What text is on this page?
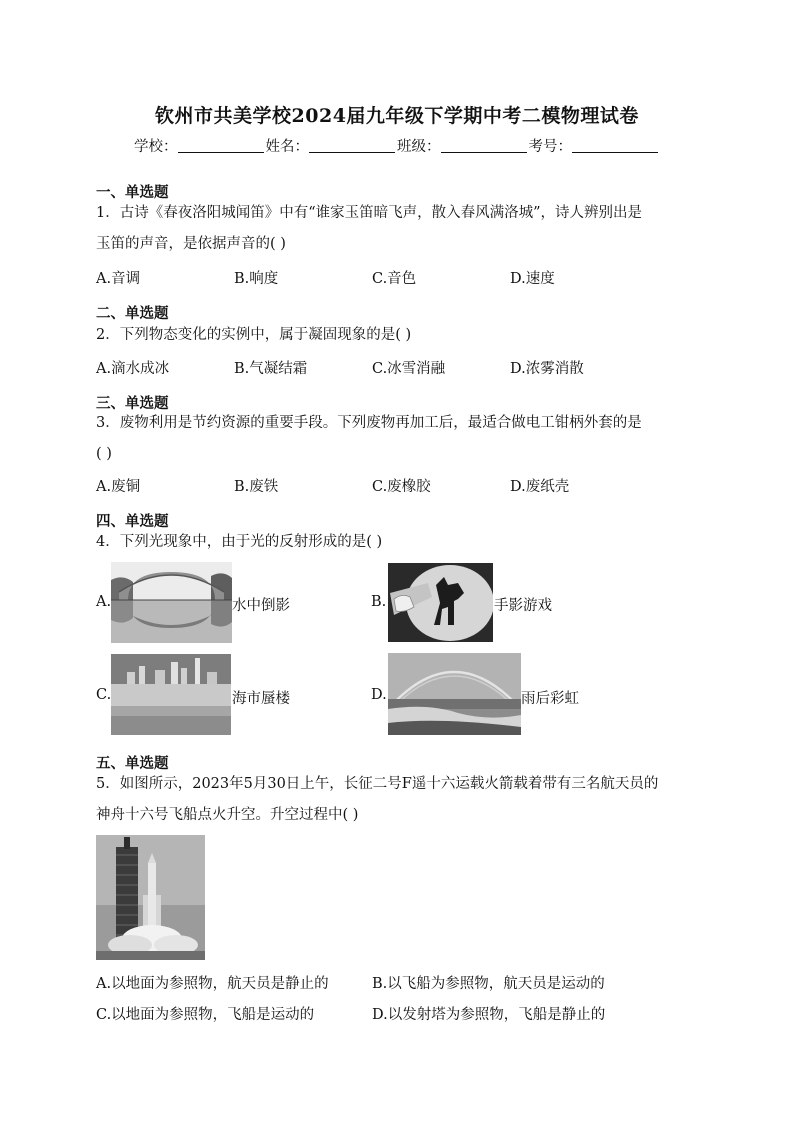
钦州市共美学校2024届九年级下学期中考二模物理试卷
学校：	姓名：	班级：	考号：
一、单选题
1．古诗《春夜洛阳城闻笛》中有“谁家玉笛暗飞声，散入春风满洛城”，诗人辨别出是
玉笛的声音，是依据声音的( )
A.音调	B.响度	C.音色	D.速度
二、单选题
2．下列物态变化的实例中，属于凝固现象的是( )
A.滴水成冰	B.气凝结霜	C.冰雪消融	D.浓雾消散
三、单选题
3．废物利用是节约资源的重要手段。下列废物再加工后，最适合做电工钳柄外套的是
( )
A.废铜	B.废铁	C.废橡胶	D.废纸壳
四、单选题
4．下列光现象中，由于光的反射形成的是( )
A.	水中倒影	B.	手影游戏
C.	海市蜃楼	D.	雨后彩虹
五、单选题
5．如图所示，2023年5月30日上午，长征二号F遥十六运载火箭载着带有三名航天员的
神舟十六号飞船点火升空。升空过程中( )
A.以地面为参照物，航天员是静止的	B.以飞船为参照物，航天员是运动的
C.以地面为参照物，飞船是运动的	D.以发射塔为参照物，飞船是静止的
